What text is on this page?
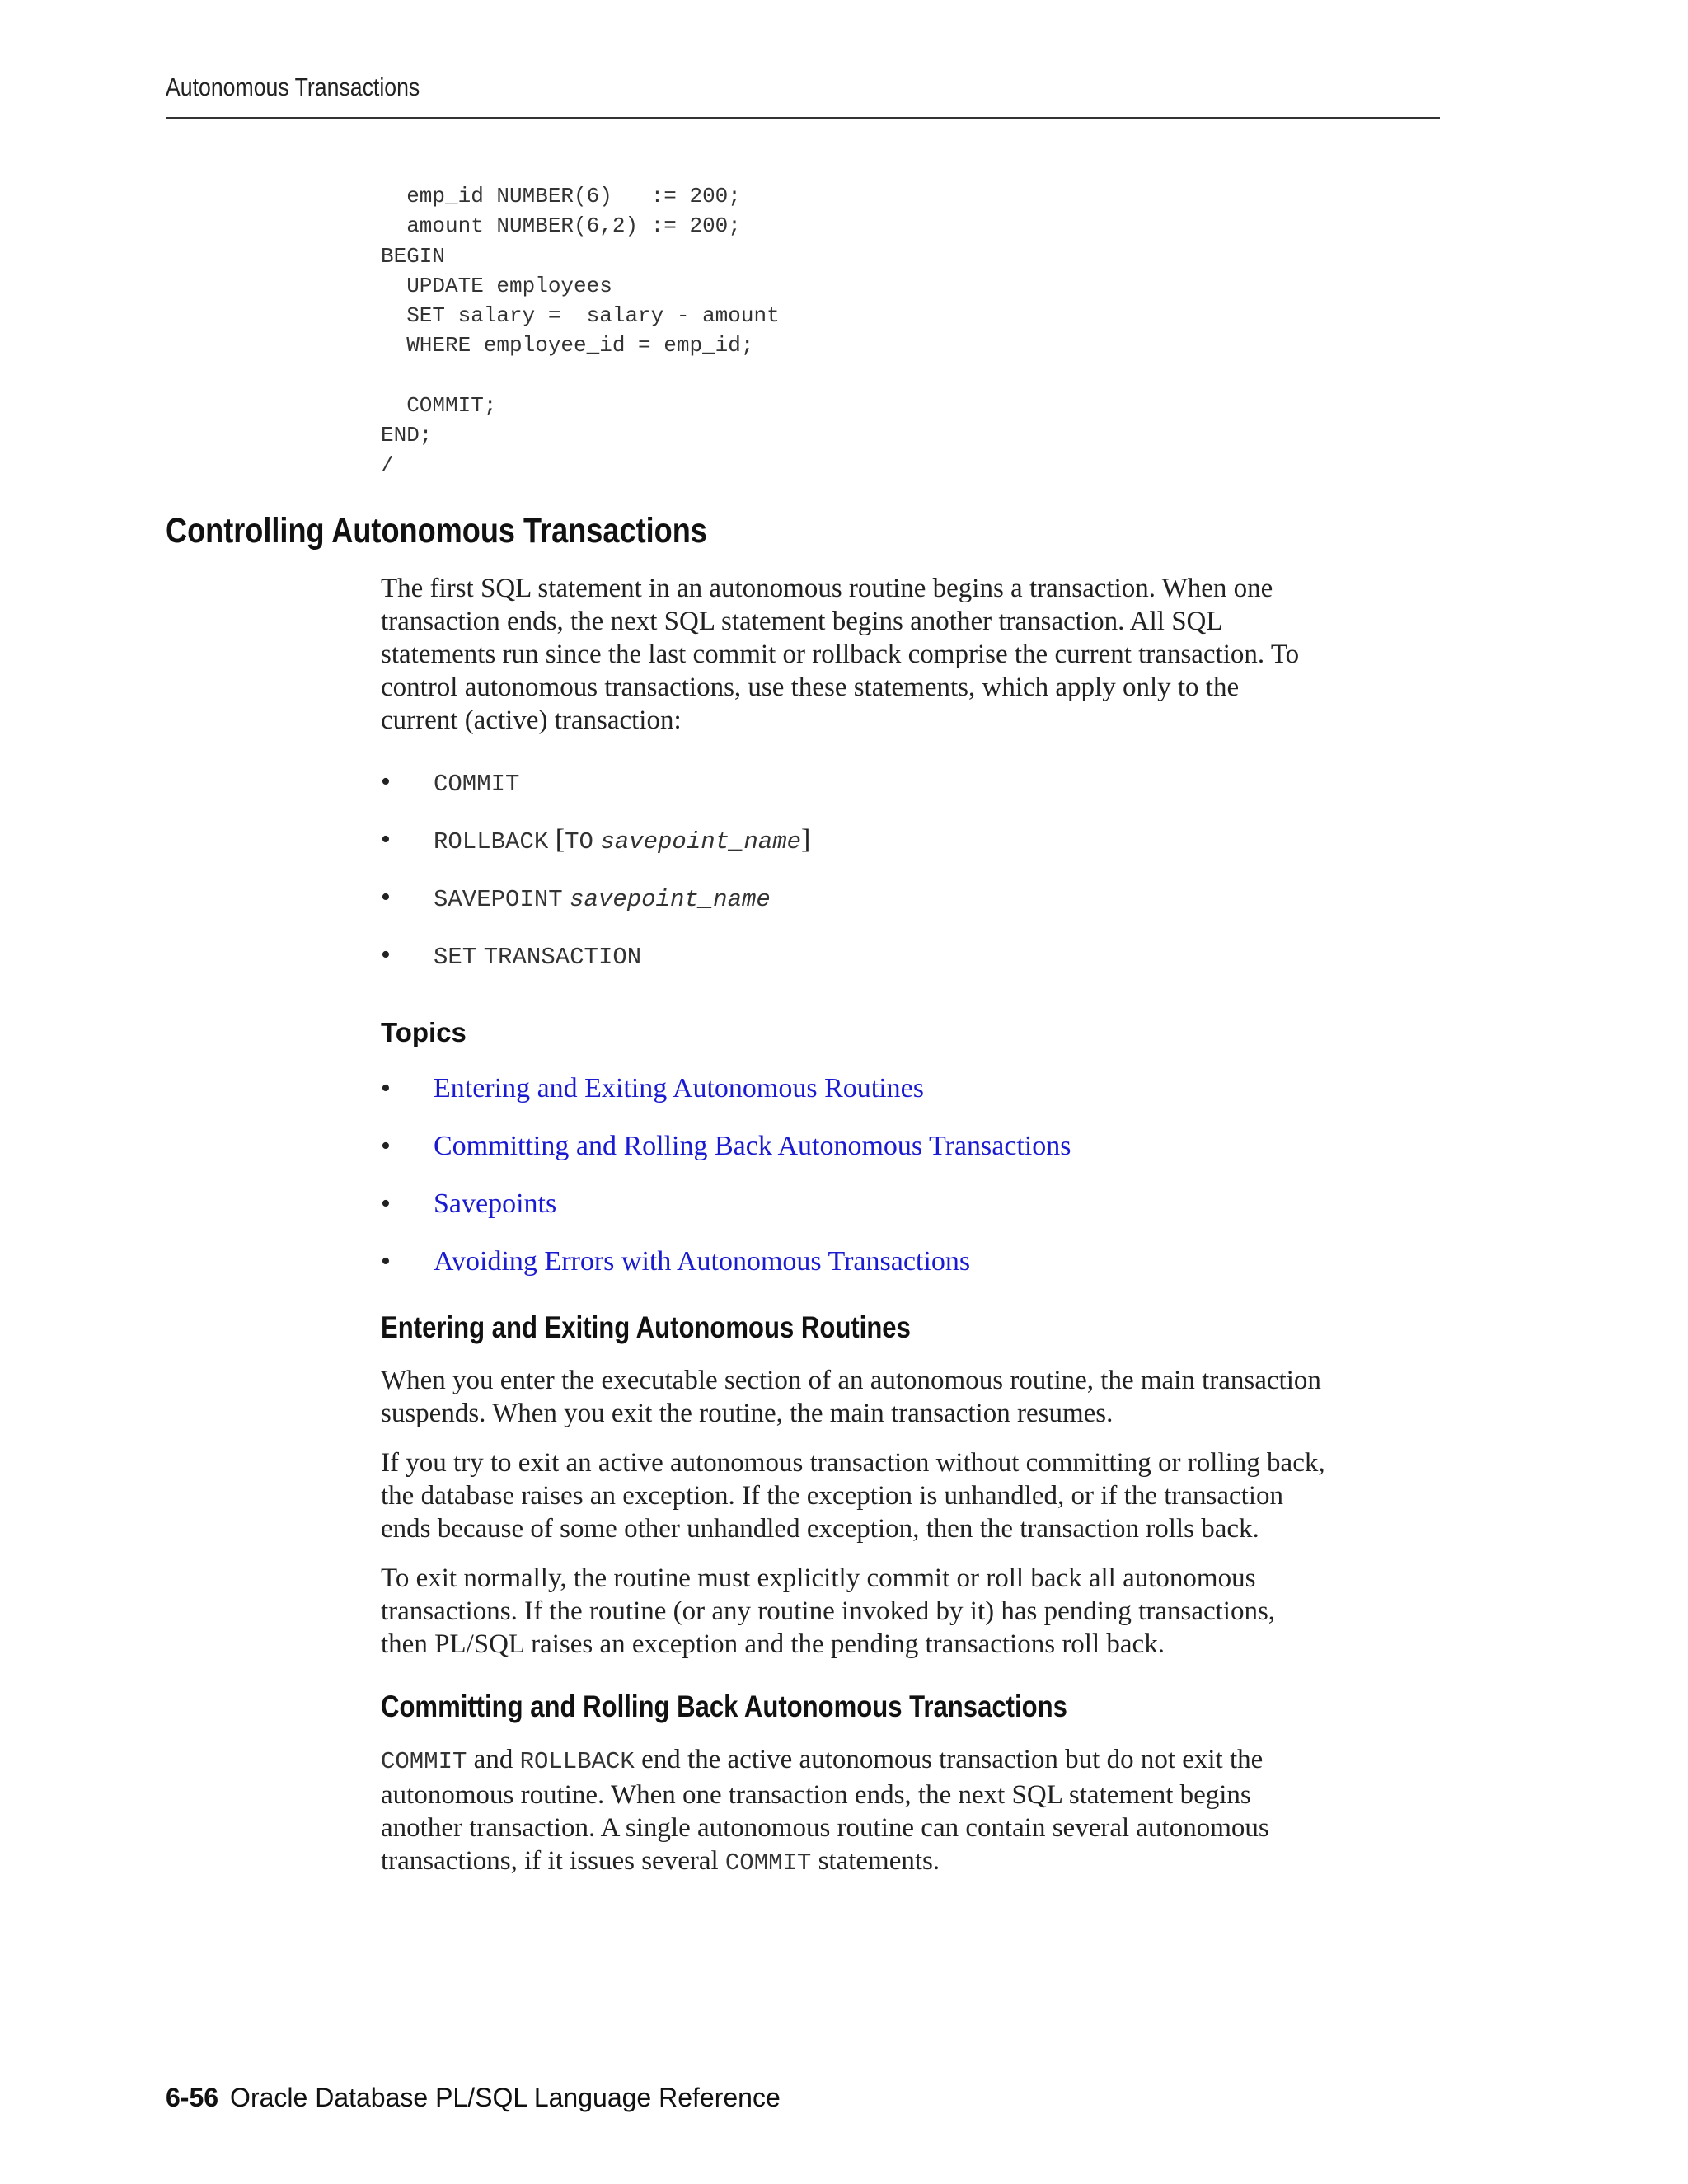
Autonomous Transactions
emp_id NUMBER(6)   := 200;
amount NUMBER(6,2) := 200;
BEGIN
UPDATE employees
SET salary =  salary - amount
WHERE employee_id = emp_id;

COMMIT;
END;
/
Controlling Autonomous Transactions

The first SQL statement in an autonomous routine begins a transaction. When one
transaction ends, the next SQL statement begins another transaction. All SQL
statements run since the last commit or rollback comprise the current transaction. To
control autonomous transactions, use these statements, which apply only to the
current (active) transaction:

• COMMIT
• ROLLBACK [TO savepoint_name]
• SAVEPOINT savepoint_name
• SET TRANSACTION
Topics
• Entering and Exiting Autonomous Routines
• Committing and Rolling Back Autonomous Transactions
• Savepoints
• Avoiding Errors with Autonomous Transactions
Entering and Exiting Autonomous Routines

When you enter the executable section of an autonomous routine, the main transaction
suspends. When you exit the routine, the main transaction resumes.

If you try to exit an active autonomous transaction without committing or rolling back,
the database raises an exception. If the exception is unhandled, or if the transaction
ends because of some other unhandled exception, then the transaction rolls back.

To exit normally, the routine must explicitly commit or roll back all autonomous
transactions. If the routine (or any routine invoked by it) has pending transactions,
then PL/SQL raises an exception and the pending transactions roll back.

Committing and Rolling Back Autonomous Transactions

COMMIT and ROLLBACK end the active autonomous transaction but do not exit the
autonomous routine. When one transaction ends, the next SQL statement begins
another transaction. A single autonomous routine can contain several autonomous
transactions, if it issues several COMMIT statements.

6-56 Oracle Database PL/SQL Language Reference
